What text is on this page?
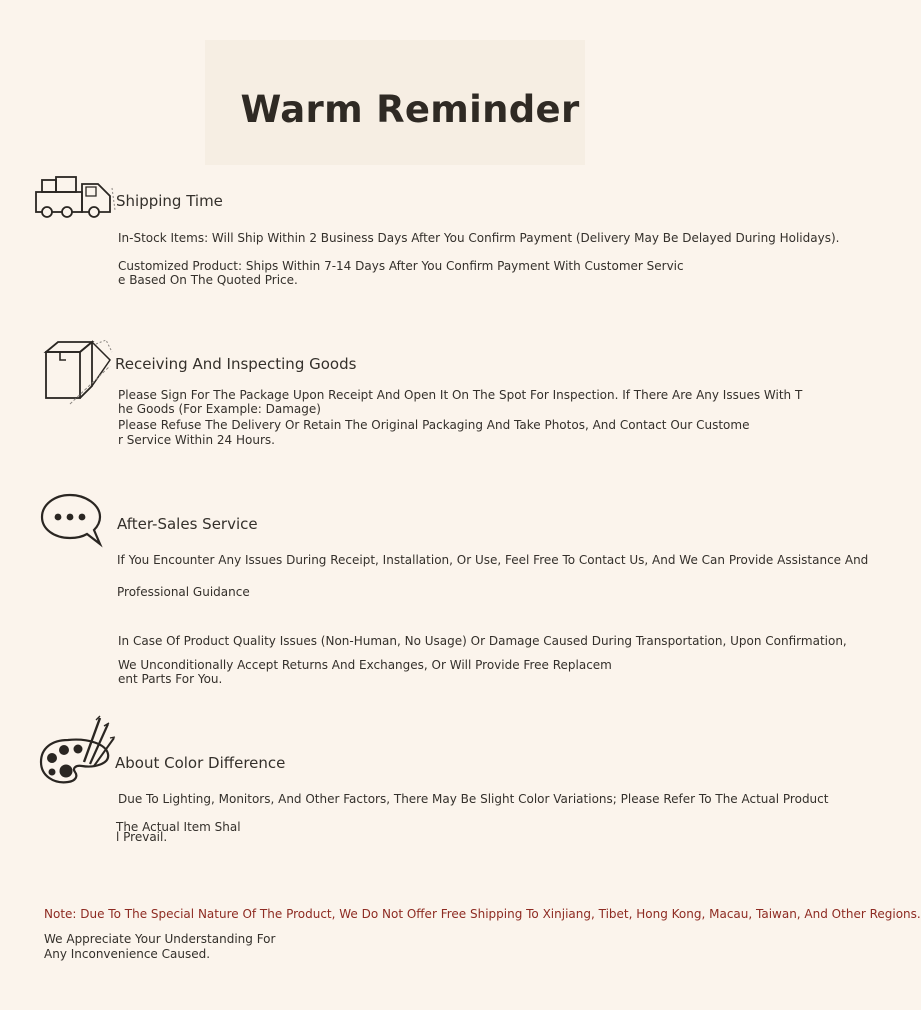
Warm Reminder
Shipping Time
In-Stock Items: Will Ship Within 2 Business Days After You Confirm Payment (Delivery May Be Delayed During Holidays).
Customized Product: Ships Within 7-14 Days After You Confirm Payment With Customer Servic
e Based On The Quoted Price.
Receiving And Inspecting Goods
Please Sign For The Package Upon Receipt And Open It On The Spot For Inspection. If There Are Any Issues With T
he Goods (For Example: Damage)
Please Refuse The Delivery Or Retain The Original Packaging And Take Photos, And Contact Our Custome
r Service Within 24 Hours.
After-Sales Service
If You Encounter Any Issues During Receipt, Installation, Or Use, Feel Free To Contact Us, And We Can Provide Assistance And
Professional Guidance
In Case Of Product Quality Issues (Non-Human, No Usage) Or Damage Caused During Transportation, Upon Confirmation,
We Unconditionally Accept Returns And Exchanges, Or Will Provide Free Replacem
ent Parts For You.
About Color Difference
Due To Lighting, Monitors, And Other Factors, There May Be Slight Color Variations; Please Refer To The Actual Product
The Actual Item Shal
l Prevail.
Note: Due To The Special Nature Of The Product, We Do Not Offer Free Shipping To Xinjiang, Tibet, Hong Kong, Macau, Taiwan, And Other Regions.
We Appreciate Your Understanding For
Any Inconvenience Caused.
